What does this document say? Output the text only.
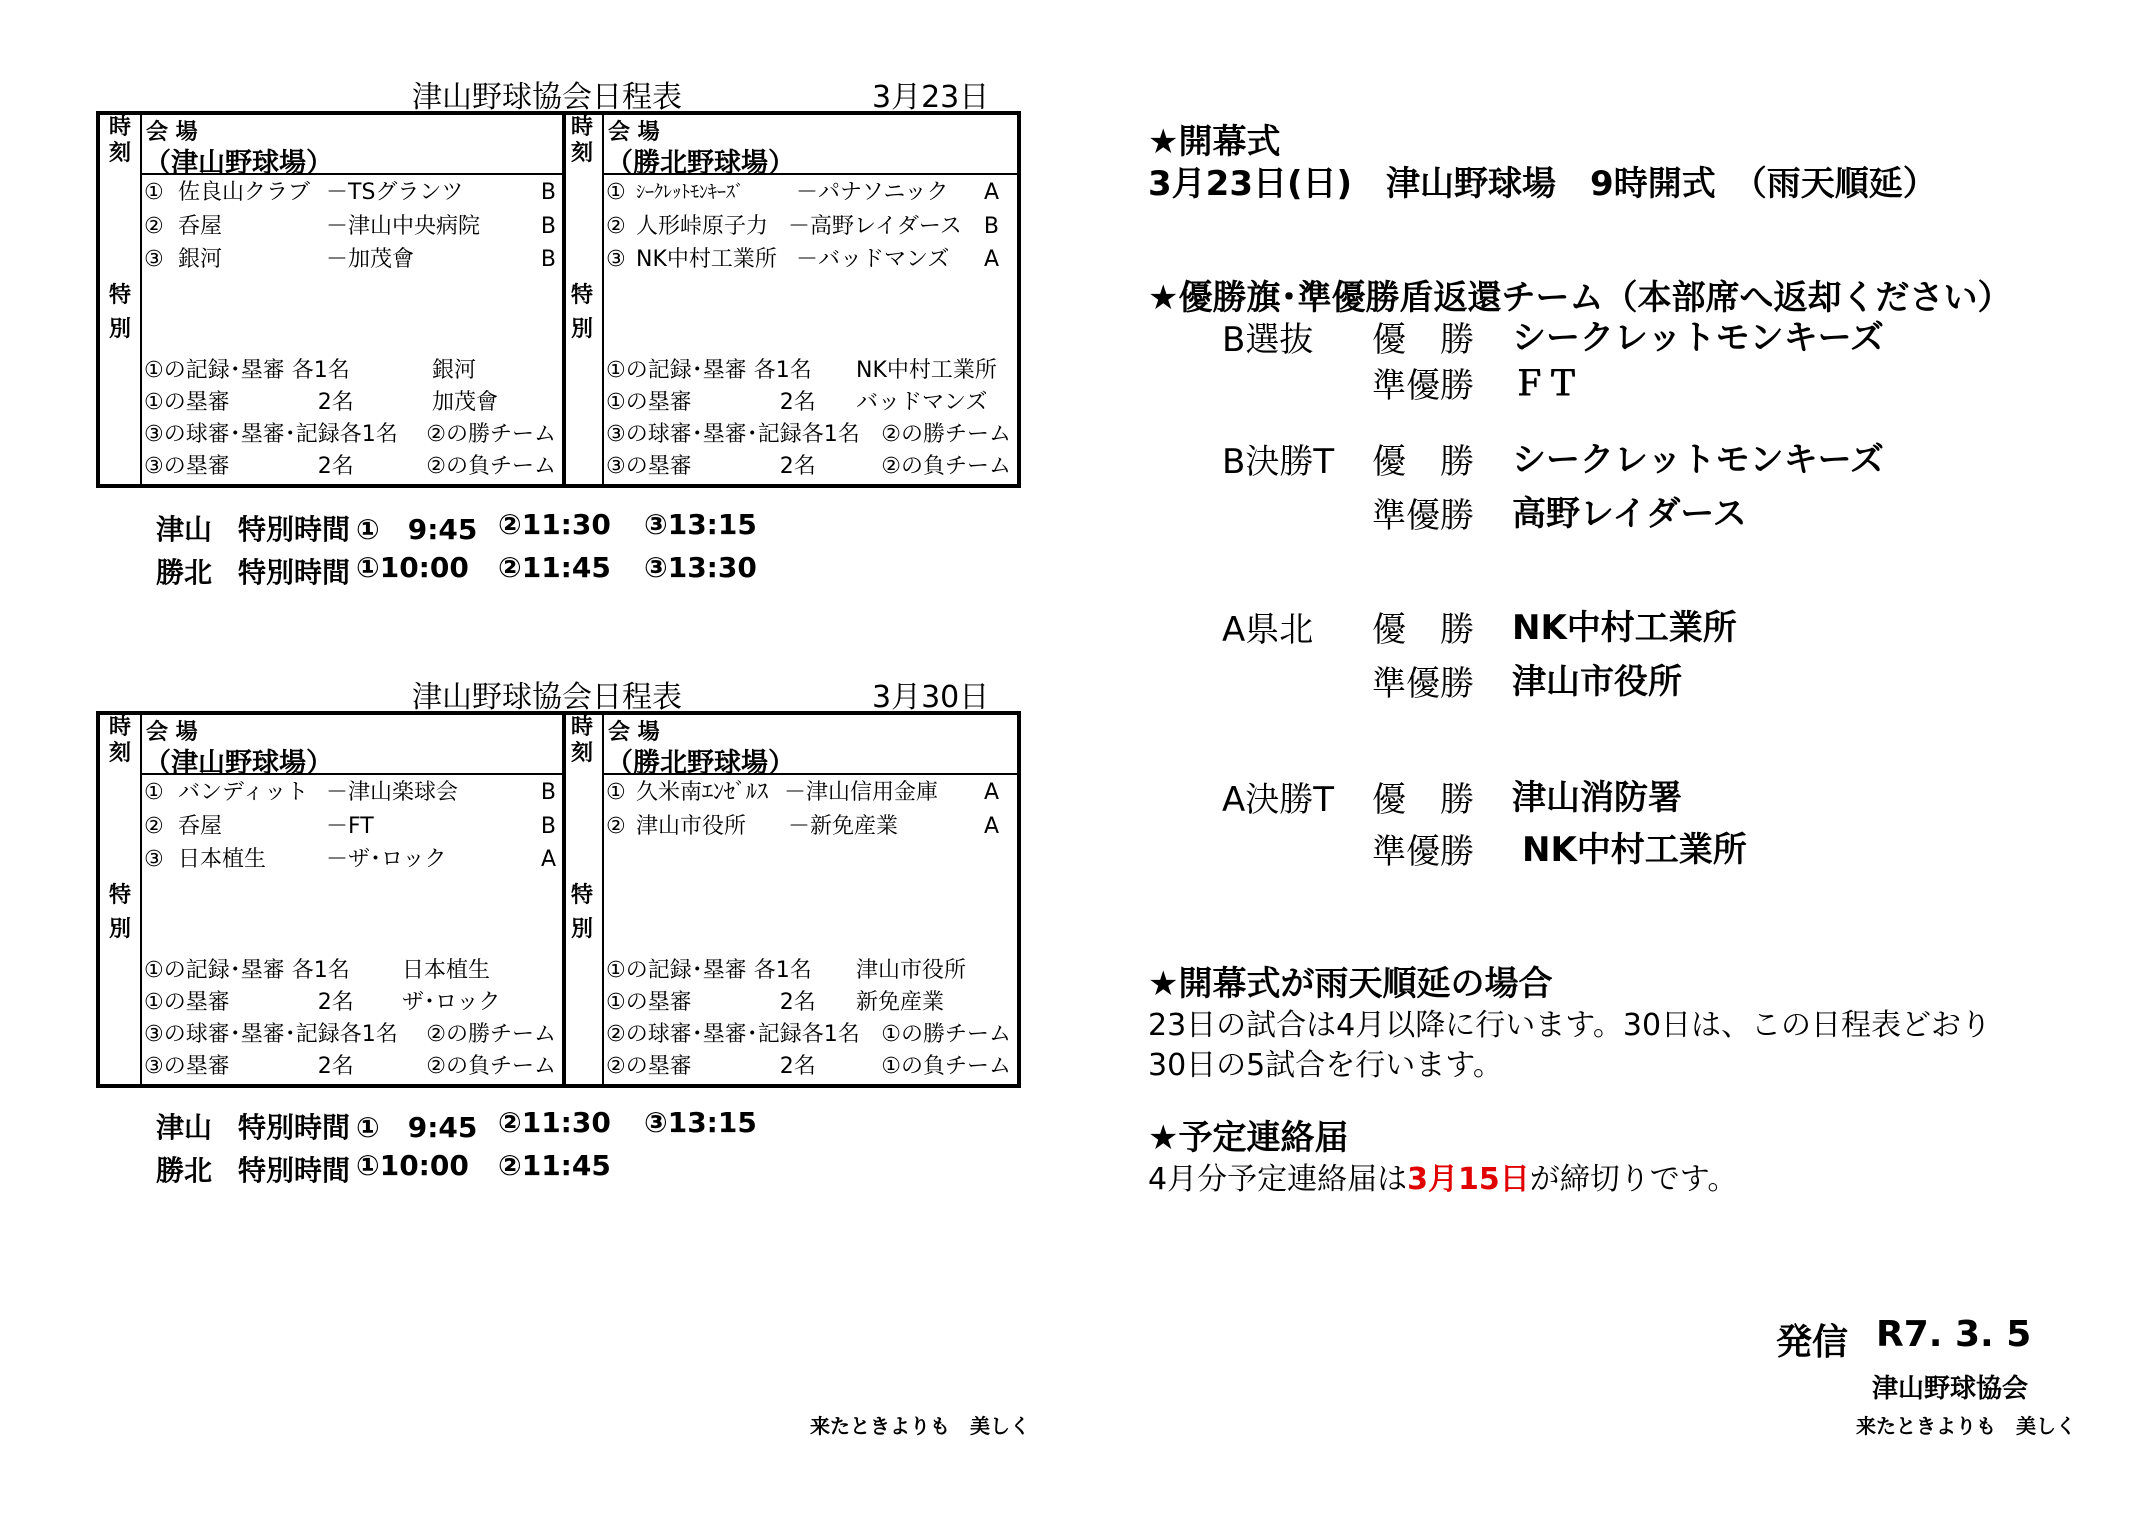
津山野球協会日程表	3月23日
時
刻
特
別
会 場
（津山野球場）
① 佐良山クラブ －TSグランツ	B
② 呑屋	－津山中央病院	B
③ 銀河	－加茂會	B
①の記録･塁審 各1名	銀河
①の塁審　　　　2名	加茂會
③の球審･塁審･記録各1名 ②の勝チーム
③の塁審　　　　2名	②の負チーム
時
刻
特
別
会 場
（勝北野球場）
① ｼｰｸﾚｯﾄﾓﾝｷｰｽﾞ －パナソニック A
② 人形峠原子力 －高野レイダース B
③ NK中村工業所 －バッドマンズ A
①の記録･塁審 各1名 NK中村工業所
①の塁審　　　　2名 バッドマンズ
③の球審･塁審･記録各1名 ②の勝チーム
③の塁審　　　　2名	②の負チーム
津山 特別時間 ①　9:45 ②11:30 ③13:15
勝北 特別時間 ①10:00 ②11:45 ③13:30
津山野球協会日程表	3月30日
時
刻
特
別
会 場
（津山野球場）
① バンディット －津山楽球会	B
② 呑屋	－FT	B
③ 日本植生	－ザ･ロック	A
①の記録･塁審 各1名 日本植生
①の塁審　　　　2名 ザ･ロック
③の球審･塁審･記録各1名 ②の勝チーム
③の塁審　　　　2名	②の負チーム
時
刻
特
別
会 場
（勝北野球場）
① 久米南ｴﾝｾﾞﾙｽ －津山信用金庫 A
② 津山市役所 －新免産業	A
①の記録･塁審 各1名 津山市役所
①の塁審　　　　2名 新免産業
②の球審･塁審･記録各1名 ①の勝チーム
②の塁審　　　　2名	①の負チーム
津山 特別時間 ①　9:45 ②11:30 ③13:15
勝北 特別時間 ①10:00 ②11:45
来たときよりも　美しく
★開幕式
3月23日(日)　津山野球場　9時開式　（雨天順延）
★優勝旗･準優勝盾返還チーム（本部席へ返却ください）
B選抜 優　勝 シークレットモンキーズ
準優勝 ＦＴ
B決勝T 優　勝 シークレットモンキーズ
準優勝 高野レイダース
A県北 優　勝 NK中村工業所
準優勝 津山市役所
A決勝T 優　勝 津山消防署
準優勝 NK中村工業所
★開幕式が雨天順延の場合
23日の試合は4月以降に行います。30日は、この日程表どおり
30日の5試合を行います。
★予定連絡届
4月分予定連絡届は3月15日が締切りです。
発信 R7. 3. 5
津山野球協会
来たときよりも　美しく
